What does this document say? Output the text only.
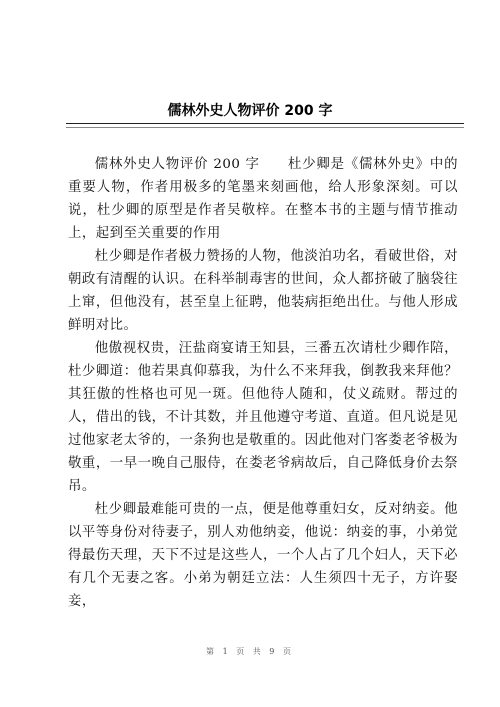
儒林外史人物评价 200 字

儒林外史人物评价 200 字　　杜少卿是《儒林外史》中的重要人物，作者用极多的笔墨来刻画他，给人形象深刻。可以说，杜少卿的原型是作者吴敬梓。在整本书的主题与情节推动上，起到至关重要的作用

杜少卿是作者极力赞扬的人物，他淡泊功名，看破世俗，对朝政有清醒的认识。在科举制毒害的世间，众人都挤破了脑袋往上窜，但他没有，甚至皇上征聘，他装病拒绝出仕。与他人形成鲜明对比。

他傲视权贵，汪盐商宴请王知县，三番五次请杜少卿作陪，杜少卿道：他若果真仰慕我，为什么不来拜我，倒教我来拜他？其狂傲的性格也可见一斑。但他待人随和，仗义疏财。帮过的人，借出的钱，不计其数，并且他遵守考道、直道。但凡说是见过他家老太爷的，一条狗也是敬重的。因此他对门客娄老爷极为敬重，一早一晚自己服侍，在娄老爷病故后，自己降低身价去祭吊。

杜少卿最难能可贵的一点，便是他尊重妇女，反对纳妾。他以平等身份对待妻子，别人劝他纳妾，他说：纳妾的事，小弟觉得最伤天理，天下不过是这些人，一个人占了几个妇人，天下必有几个无妻之客。小弟为朝廷立法：人生须四十无子，方许娶妾，

第 1 页 共 9 页
